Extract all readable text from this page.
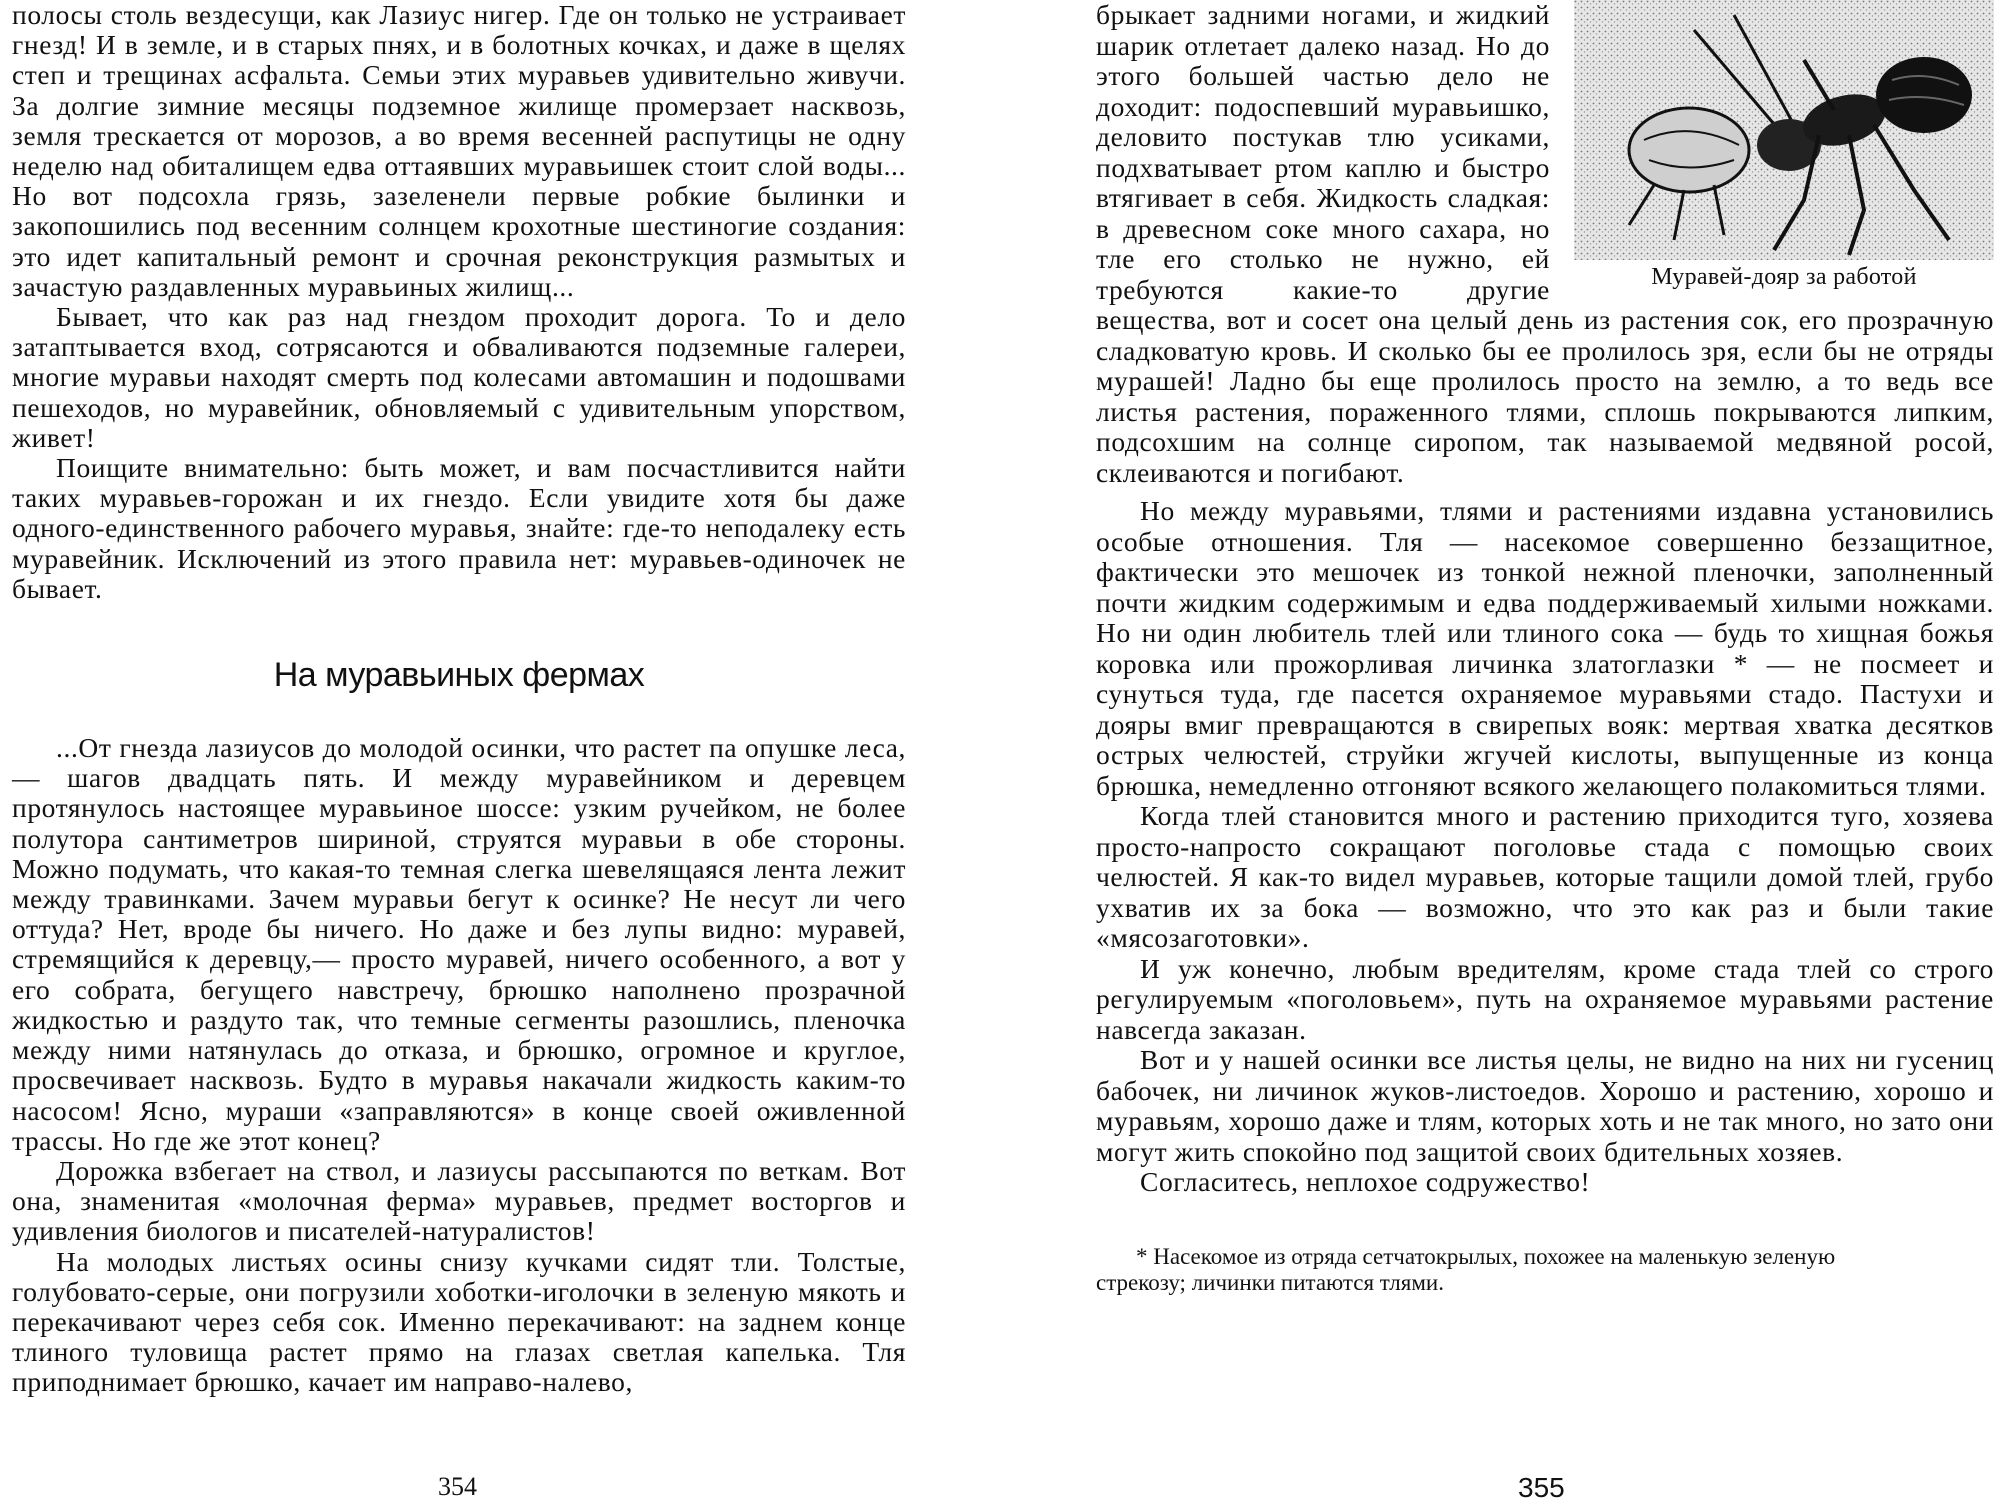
полосы столь вездесущи, как Лазиус нигер. Где он только не устраивает гнезд! И в земле, и в старых пнях, и в болотных кочках, и даже в щелях степ и трещинах асфальта. Семьи этих муравьев удивительно живучи. За долгие зимние месяцы подземное жилище промерзает насквозь, земля трескается от морозов, а во время весенней распутицы не одну неделю над обиталищем едва оттаявших муравьишек стоит слой воды... Но вот подсохла грязь, зазеленели первые робкие былинки и закопошились под весенним солнцем крохотные шестиногие создания: это идет капитальный ремонт и срочная реконструкция размытых и зачастую раздавленных муравьиных жилищ...

Бывает, что как раз над гнездом проходит дорога. То и дело затаптывается вход, сотрясаются и обваливаются подземные галереи, многие муравьи находят смерть под колесами автомашин и подошвами пешеходов, но муравейник, обновляемый с удивительным упорством, живет!

Поищите внимательно: быть может, и вам посчастливится найти таких муравьев-горожан и их гнездо. Если увидите хотя бы даже одного-единственного рабочего муравья, знайте: где-то неподалеку есть муравейник. Исключений из этого правила нет: муравьев-одиночек не бывает.

На муравьиных фермах

...От гнезда лазиусов до молодой осинки, что растет па опушке леса,— шагов двадцать пять. И между муравейником и деревцем протянулось настоящее муравьиное шоссе: узким ручейком, не более полутора сантиметров шириной, струятся муравьи в обе стороны. Можно подумать, что какая-то темная слегка шевелящаяся лента лежит между травинками. Зачем муравьи бегут к осинке? Не несут ли чего оттуда? Нет, вроде бы ничего. Но даже и без лупы видно: муравей, стремящийся к деревцу,— просто муравей, ничего особенного, а вот у его собрата, бегущего навстречу, брюшко наполнено прозрачной жидкостью и раздуто так, что темные сегменты разошлись, пленочка между ними натянулась до отказа, и брюшко, огромное и круглое, просвечивает насквозь. Будто в муравья накачали жидкость каким-то насосом! Ясно, мураши «заправляются» в конце своей оживленной трассы. Но где же этот конец?

Дорожка взбегает на ствол, и лазиусы рассыпаются по веткам. Вот она, знаменитая «молочная ферма» муравьев, предмет восторгов и удивления биологов и писателей-натуралистов!

На молодых листьях осины снизу кучками сидят тли. Толстые, голубовато-серые, они погрузили хоботки-иголочки в зеленую мякоть и перекачивают через себя сок. Именно перекачивают: на заднем конце тлиного туловища растет прямо на глазах светлая капелька. Тля приподнимает брюшко, качает им направо-налево,

354
Муравей-дояр за работой

брыкает задними ногами, и жидкий шарик отлетает далеко назад. Но до этого большей частью дело не доходит: подоспевший муравьишко, деловито постукав тлю усиками, подхватывает ртом каплю и быстро втягивает в себя. Жидкость сладкая: в древесном соке много сахара, но тле его столько не нужно, ей требуются какие-то другие вещества, вот и сосет она целый день из растения сок, его прозрачную сладковатую кровь. И сколько бы ее пролилось зря, если бы не отряды мурашей! Ладно бы еще пролилось просто на землю, а то ведь все листья растения, пораженного тлями, сплошь покрываются липким, подсохшим на солнце сиропом, так называемой медвяной росой, склеиваются и погибают.

Но между муравьями, тлями и растениями издавна установились особые отношения. Тля — насекомое совершенно беззащитное, фактически это мешочек из тонкой нежной пленочки, заполненный почти жидким содержимым и едва поддерживаемый хилыми ножками. Но ни один любитель тлей или тлиного сока — будь то хищная божья коровка или прожорливая личинка златоглазки * — не посмеет и сунуться туда, где пасется охраняемое муравьями стадо. Пастухи и дояры вмиг превращаются в свирепых вояк: мертвая хватка десятков острых челюстей, струйки жгучей кислоты, выпущенные из конца брюшка, немедленно отгоняют всякого желающего полакомиться тлями.

Когда тлей становится много и растению приходится туго, хозяева просто-напросто сокращают поголовье стада с помощью своих челюстей. Я как-то видел муравьев, которые тащили домой тлей, грубо ухватив их за бока — возможно, что это как раз и были такие «мясозаготовки».

И уж конечно, любым вредителям, кроме стада тлей со строго регулируемым «поголовьем», путь на охраняемое муравьями растение навсегда заказан.

Вот и у нашей осинки все листья целы, не видно на них ни гусениц бабочек, ни личинок жуков-листоедов. Хорошо и растению, хорошо и муравьям, хорошо даже и тлям, которых хоть и не так много, но зато они могут жить спокойно под защитой своих бдительных хозяев.

Согласитесь, неплохое содружество!

* Насекомое из отряда сетчатокрылых, похожее на маленькую зеленую
стрекозу; личинки питаются тлями.
355
